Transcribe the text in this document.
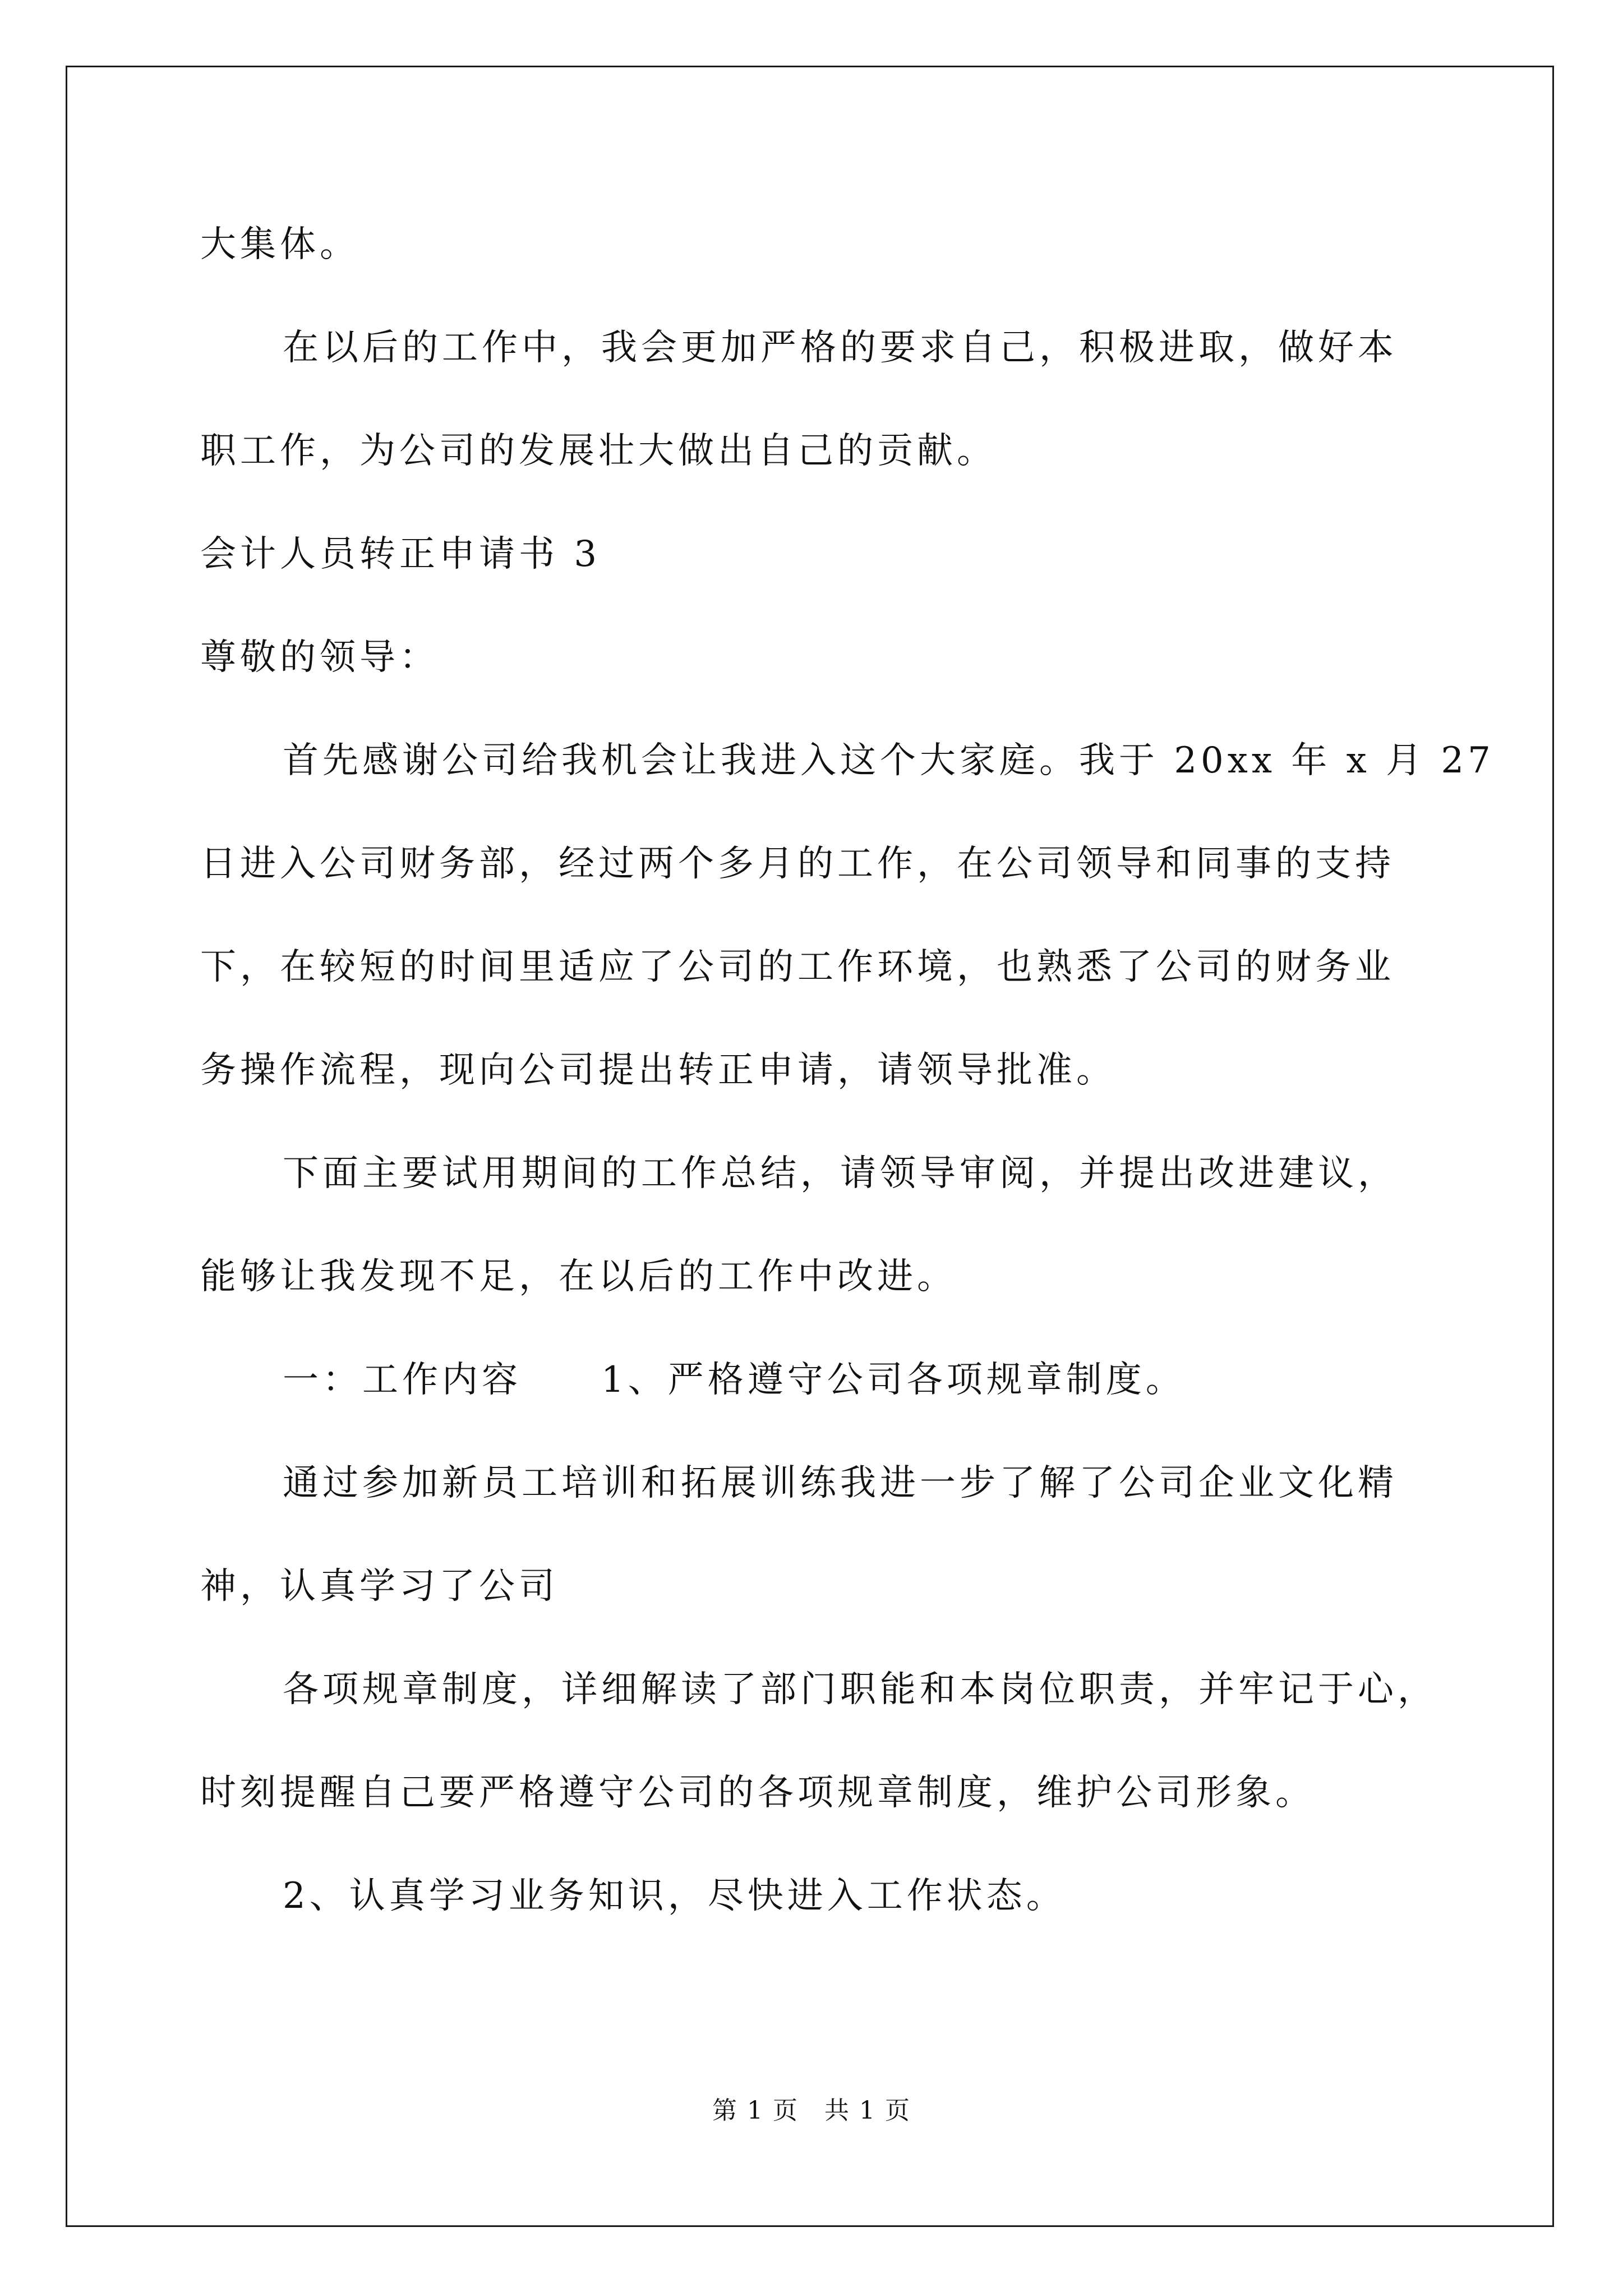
大集体。
在以后的工作中，我会更加严格的要求自己，积极进取，做好本
职工作，为公司的发展壮大做出自己的贡献。
会计人员转正申请书 3
尊敬的领导：
首先感谢公司给我机会让我进入这个大家庭。我于 20xx 年 x 月 27
日进入公司财务部，经过两个多月的工作，在公司领导和同事的支持
下，在较短的时间里适应了公司的工作环境，也熟悉了公司的财务业
务操作流程，现向公司提出转正申请，请领导批准。
下面主要试用期间的工作总结，请领导审阅，并提出改进建议，
能够让我发现不足，在以后的工作中改进。
一：工作内容　　1、严格遵守公司各项规章制度。
通过参加新员工培训和拓展训练我进一步了解了公司企业文化精
神，认真学习了公司
各项规章制度，详细解读了部门职能和本岗位职责，并牢记于心，
时刻提醒自己要严格遵守公司的各项规章制度，维护公司形象。
2、认真学习业务知识，尽快进入工作状态。
第 1 页　共 1 页
